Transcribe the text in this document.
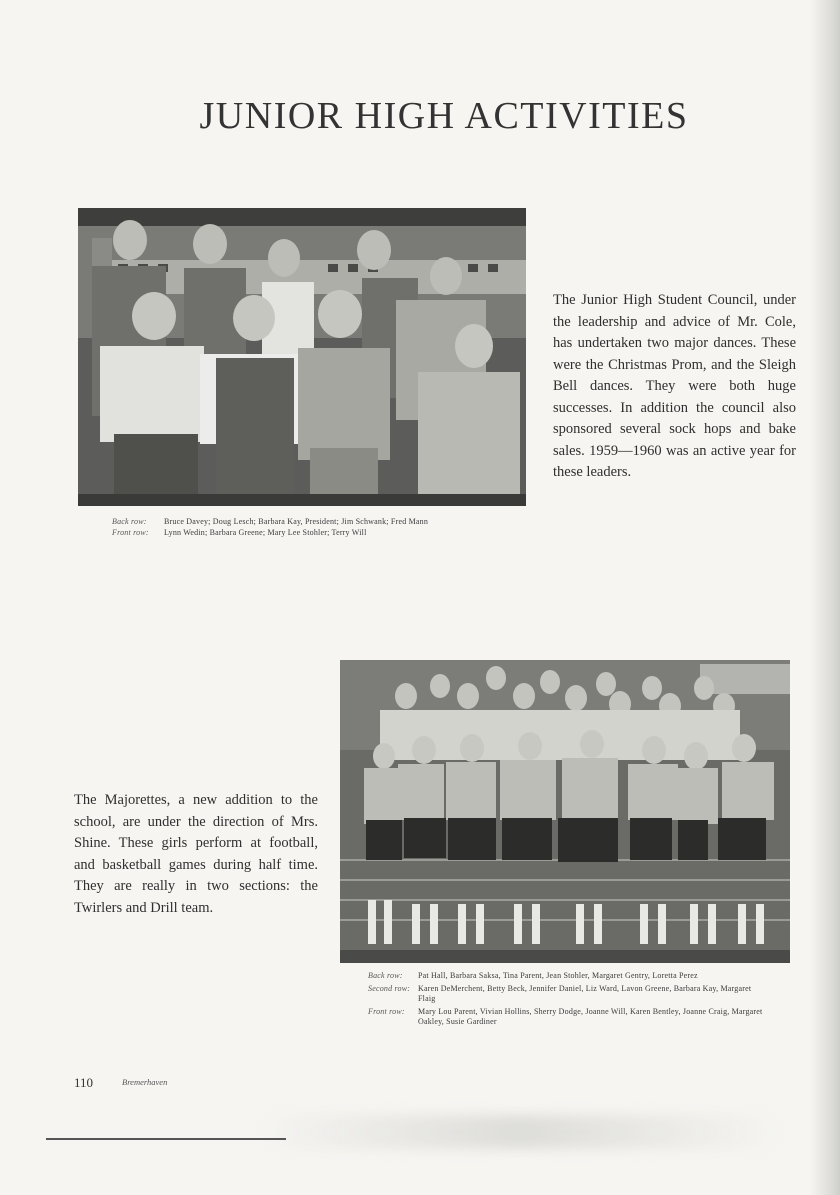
JUNIOR HIGH ACTIVITIES

The Junior High Student Council, under the leadership and advice of Mr. Cole, has undertaken two major dances. These were the Christmas Prom, and the Sleigh Bell dances. They were both huge successes. In addition the council also sponsored several sock hops and bake sales. 1959—1960 was an active year for these leaders.

Back row:	Bruce Davey; Doug Lesch; Barbara Kay, President; Jim Schwank; Fred Mann
Front row:	Lynn Wedin; Barbara Greene; Mary Lee Stohler; Terry Will

The Majorettes, a new addition to the school, are under the direction of Mrs. Shine. These girls perform at football, and basketball games during half time. They are really in two sections: the Twirlers and Drill team.

Back row:	Pat Hall, Barbara Saksa, Tina Parent, Jean Stohler, Margaret Gentry, Loretta Perez
Second row: Karen DeMerchent, Betty Beck, Jennifer Daniel, Liz Ward, Lavon Greene, Barbara Kay, Margaret Flaig
Front row:	Mary Lou Parent, Vivian Hollins, Sherry Dodge, Joanne Will, Karen Bentley, Joanne Craig, Margaret Oakley, Susie Gardiner
110	Bremerhaven
